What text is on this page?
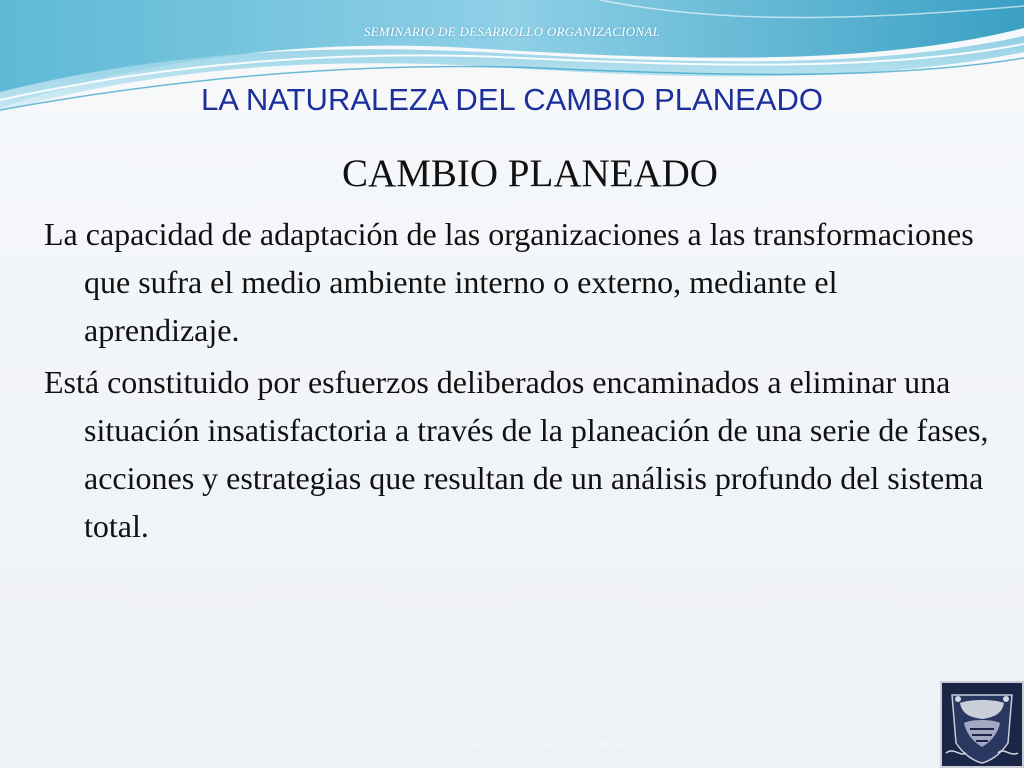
SEMINARIO DE DESARROLLO ORGANIZACIONAL
LA NATURALEZA DEL CAMBIO PLANEADO
CAMBIO PLANEADO

La capacidad de adaptación de las organizaciones a las transformaciones que sufra el medio ambiente interno o externo, mediante el aprendizaje.

Está constituido por esfuerzos deliberados encaminados a eliminar una situación insatisfactoria a través de la planeación de una serie de fases, acciones y estrategias que resultan de un análisis profundo del sistema total.

GERARDO SÁNCHEZ AMBRIZ
